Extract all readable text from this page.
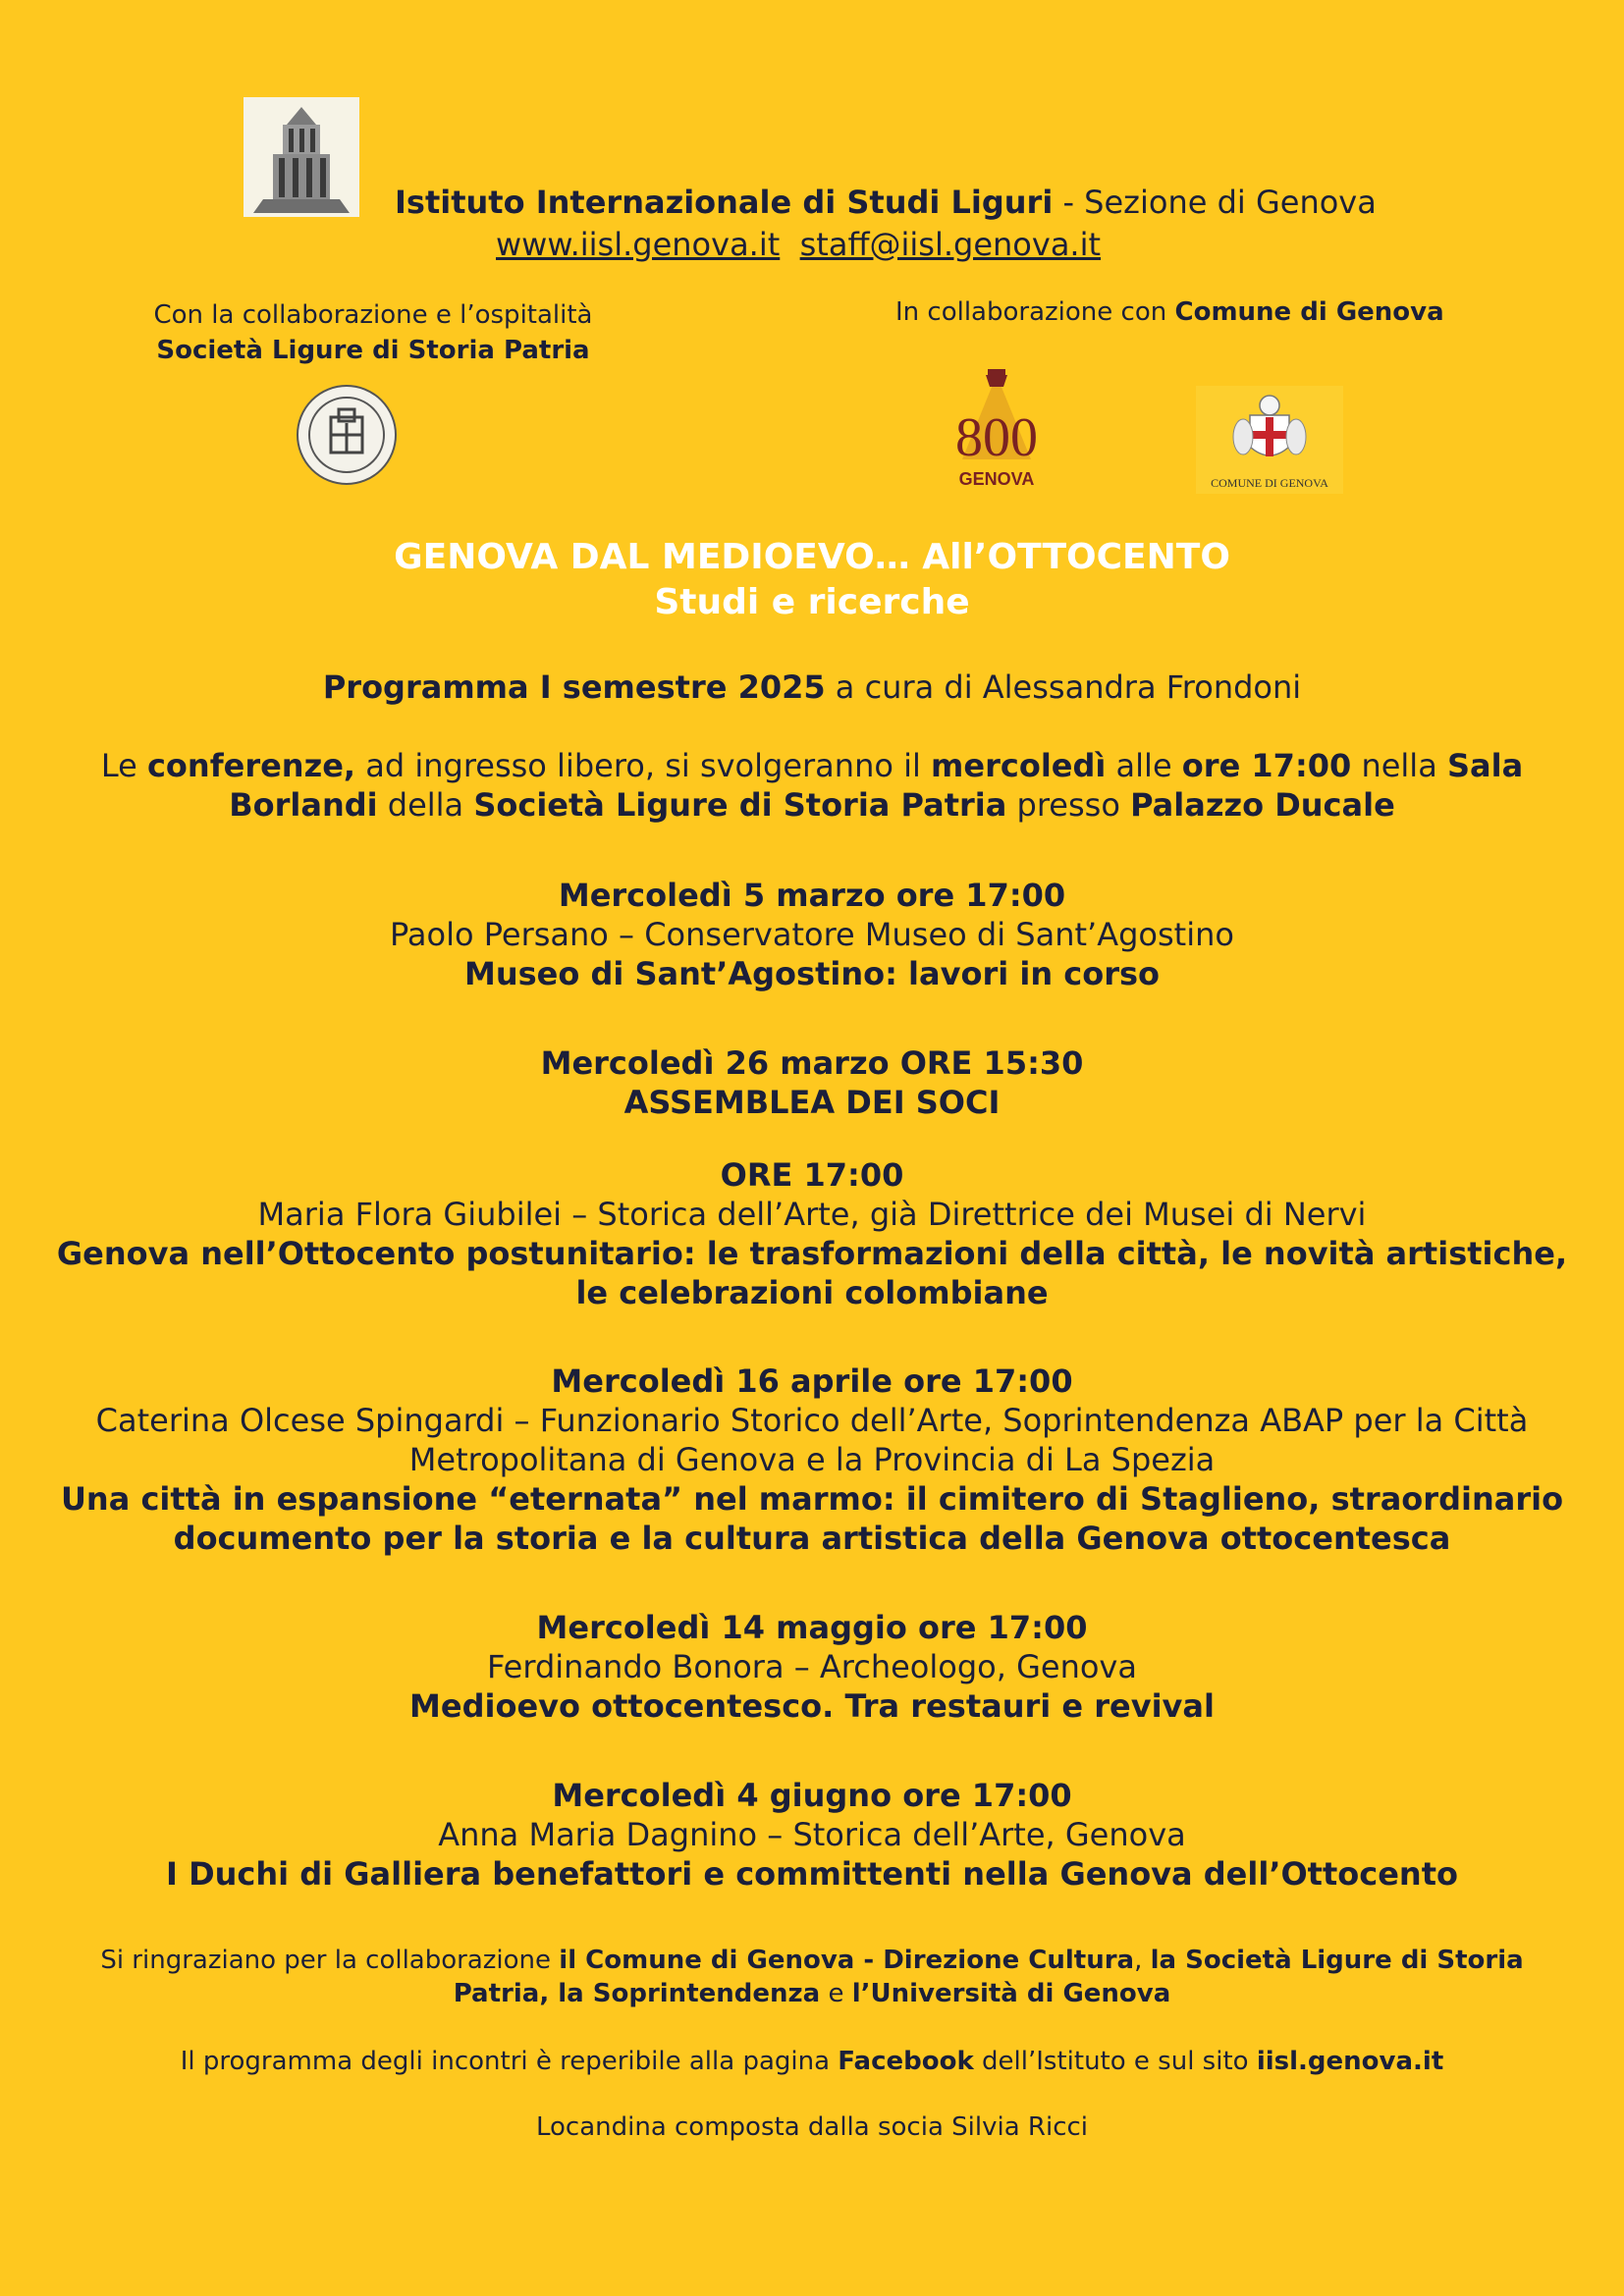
Istituto Internazionale di Studi Liguri - Sezione di Genova
www.iisl.genova.it staff@iisl.genova.it
Con la collaborazione e l’ospitalità
Società Ligure di Storia Patria
In collaborazione con Comune di Genova
800
GENOVA	COMUNE DI GENOVA
GENOVA DAL MEDIOEVO… All’OTTOCENTO
Studi e ricerche
Programma I semestre 2025 a cura di Alessandra Frondoni
Le conferenze, ad ingresso libero, si svolgeranno il mercoledì alle ore 17:00 nella Sala
Borlandi della Società Ligure di Storia Patria presso Palazzo Ducale
Mercoledì 5 marzo ore 17:00
Paolo Persano – Conservatore Museo di Sant’Agostino
Museo di Sant’Agostino: lavori in corso
Mercoledì 26 marzo ORE 15:30
ASSEMBLEA DEI SOCI
ORE 17:00
Maria Flora Giubilei – Storica dell’Arte, già Direttrice dei Musei di Nervi
Genova nell’Ottocento postunitario: le trasformazioni della città, le novità artistiche,
le celebrazioni colombiane
Mercoledì 16 aprile ore 17:00
Caterina Olcese Spingardi – Funzionario Storico dell’Arte, Soprintendenza ABAP per la Città
Metropolitana di Genova e la Provincia di La Spezia
Una città in espansione “eternata” nel marmo: il cimitero di Staglieno, straordinario
documento per la storia e la cultura artistica della Genova ottocentesca
Mercoledì 14 maggio ore 17:00
Ferdinando Bonora – Archeologo, Genova
Medioevo ottocentesco. Tra restauri e revival
Mercoledì 4 giugno ore 17:00
Anna Maria Dagnino – Storica dell’Arte, Genova
I Duchi di Galliera benefattori e committenti nella Genova dell’Ottocento
Si ringraziano per la collaborazione il Comune di Genova - Direzione Cultura, la Società Ligure di Storia
Patria, la Soprintendenza e l’Università di Genova
Il programma degli incontri è reperibile alla pagina Facebook dell’Istituto e sul sito iisl.genova.it
Locandina composta dalla socia Silvia Ricci
